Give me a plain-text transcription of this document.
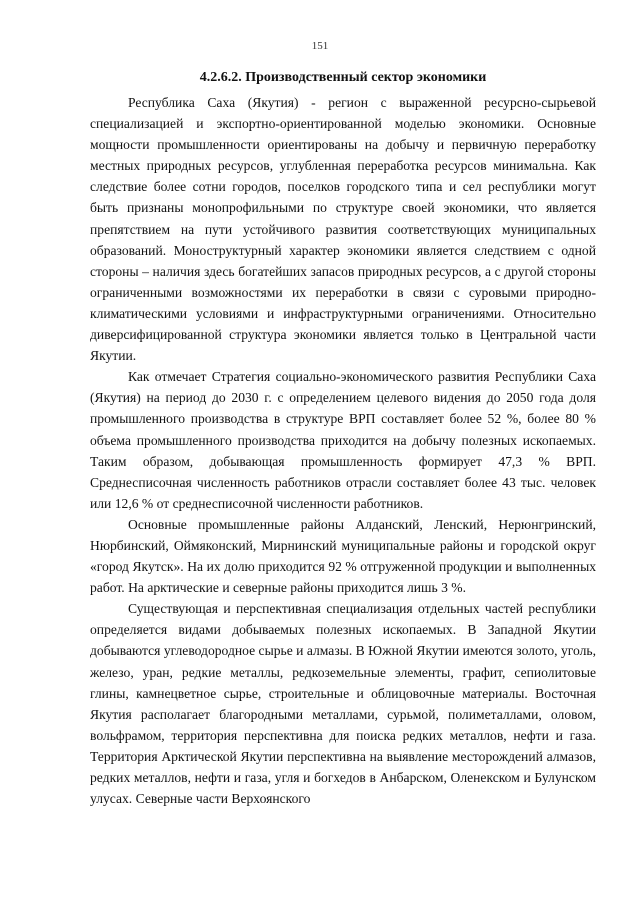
151
4.2.6.2. Производственный сектор экономики

Республика Саха (Якутия) - регион с выраженной ресурсно-сырьевой специализацией и экспортно-ориентированной моделью экономики. Основные мощности промышленности ориентированы на добычу и первичную переработку местных природных ресурсов, углубленная переработка ресурсов минимальна. Как следствие более сотни городов, поселков городского типа и сел республики могут быть признаны монопрофильными по структуре своей экономики, что является препятствием на пути устойчивого развития соответствующих муниципальных образований. Моноструктурный характер экономики является следствием с одной стороны – наличия здесь богатейших запасов природных ресурсов, а с другой стороны ограниченными возможностями их переработки в связи с суровыми природно-климатическими условиями и инфраструктурными ограничениями. Относительно диверсифицированной структура экономики является только в Центральной части Якутии.

Как отмечает Стратегия социально-экономического развития Республики Саха (Якутия) на период до 2030 г. с определением целевого видения до 2050 года доля промышленного производства в структуре ВРП составляет более 52 %, более 80 % объема промышленного производства приходится на добычу полезных ископаемых. Таким образом, добывающая промышленность формирует 47,3 % ВРП. Среднесписочная численность работников отрасли составляет более 43 тыс. человек или 12,6 % от среднесписочной численности работников.

Основные промышленные районы Алданский, Ленский, Нерюнгринский, Нюрбинский, Оймяконский, Мирнинский муниципальные районы и городской округ «город Якутск». На их долю приходится 92 % отгруженной продукции и выполненных работ. На арктические и северные районы приходится лишь 3 %.

Существующая и перспективная специализация отдельных частей республики определяется видами добываемых полезных ископаемых. В Западной Якутии добываются углеводородное сырье и алмазы. В Южной Якутии имеются золото, уголь, железо, уран, редкие металлы, редкоземельные элементы, графит, сепиолитовые глины, камнецветное сырье, строительные и облицовочные материалы. Восточная Якутия располагает благородными металлами, сурьмой, полиметаллами, оловом, вольфрамом, территория перспективна для поиска редких металлов, нефти и газа. Территория Арктической Якутии перспективна на выявление месторождений алмазов, редких металлов, нефти и газа, угля и богхедов в Анбарском, Оленекском и Булунском улусах. Северные части Верхоянского
